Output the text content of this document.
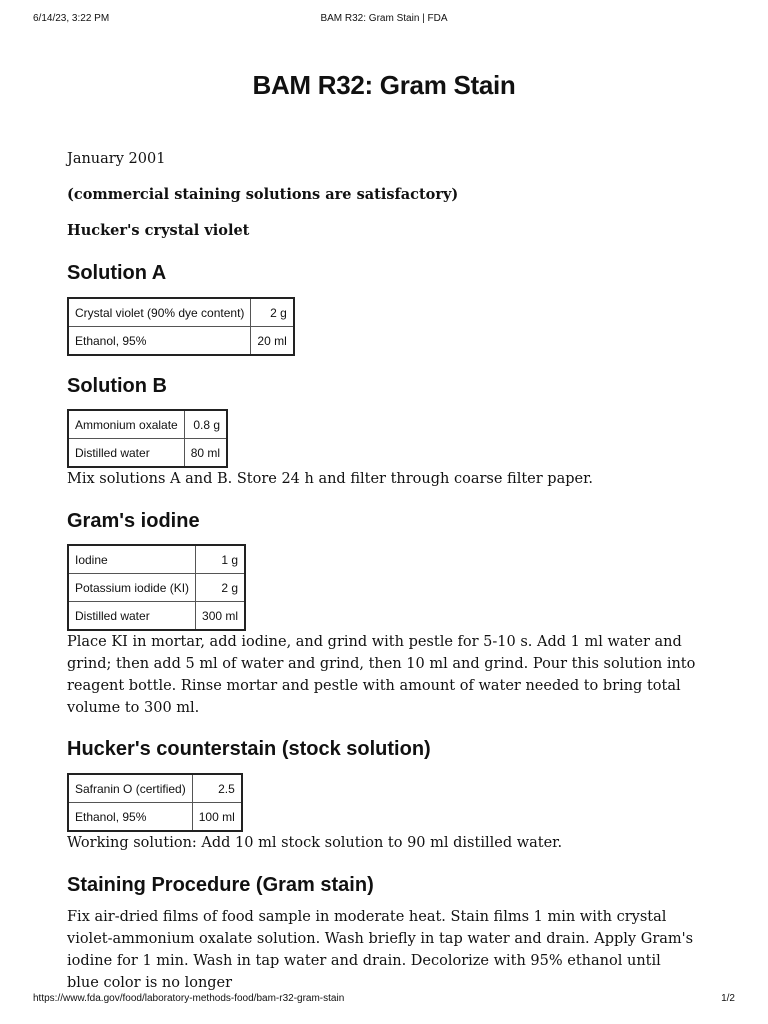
6/14/23, 3:22 PM	BAM R32: Gram Stain | FDA
BAM R32: Gram Stain

January 2001

(commercial staining solutions are satisfactory)

Hucker's crystal violet

Solution A
Crystal violet (90% dye content)	2 g
Ethanol, 95%	20 ml
Solution B
Ammonium oxalate	0.8 g
Distilled water	80 ml

Mix solutions A and B. Store 24 h and filter through coarse filter paper.

Gram's iodine
Iodine	1 g
Potassium iodide (KI)	2 g
Distilled water	300 ml

Place KI in mortar, add iodine, and grind with pestle for 5-10 s. Add 1 ml water and grind; then add 5 ml of water and grind, then 10 ml and grind. Pour this solution into reagent bottle. Rinse mortar and pestle with amount of water needed to bring total volume to 300 ml.

Hucker's counterstain (stock solution)
Safranin O (certified)	2.5
Ethanol, 95%	100 ml

Working solution: Add 10 ml stock solution to 90 ml distilled water.

Staining Procedure (Gram stain)

Fix air-dried films of food sample in moderate heat. Stain films 1 min with crystal violet-ammonium oxalate solution. Wash briefly in tap water and drain. Apply Gram's iodine for 1 min. Wash in tap water and drain. Decolorize with 95% ethanol until blue color is no longer

https://www.fda.gov/food/laboratory-methods-food/bam-r32-gram-stain	1/2
